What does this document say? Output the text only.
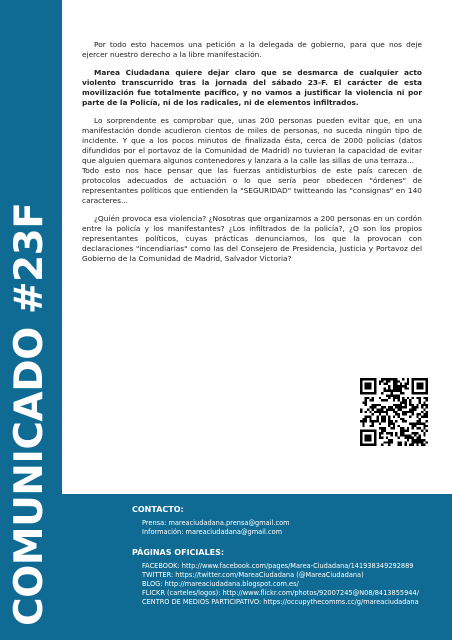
COMUNICADO #23F

Por todo esto hacemos una petición a la delegada de gobierno, para que nos deje ejercer nuestro derecho a la libre manifestación.

Marea Ciudadana quiere dejar claro que se desmarca de cualquier acto violento transcurrido tras la jornada del sábado 23-F. El carácter de esta movilización fue totalmente pacífico, y no vamos a justificar la violencia ni por parte de la Policía, ni de los radicales, ni de elementos infiltrados.

Lo sorprendente es comprobar que, unas 200 personas pueden evitar que, en una manifestación donde acudieron cientos de miles de personas, no suceda ningún tipo de incidente. Y que a los pocos minutos de finalizada ésta, cerca de 2000 policías (datos difundidos por el portavoz de la Comunidad de Madrid) no tuvieran la capacidad de evitar que alguien quemara algunos contenedores y lanzara a la calle las sillas de una terraza...

Todo esto nos hace pensar que las fuerzas antidisturbios de este país carecen de protocolos adecuados de actuación o lo que sería peor obedecen "órdenes" de representantes políticos que entienden la "SEGURIDAD" twitteando las "consignas" en 140 caracteres...

¿Quién provoca esa violencia? ¿Nosotras que organizamos a 200 personas en un cordón entre la policía y los manifestantes? ¿Los infiltrados de la policía?, ¿O son los propios representantes políticos, cuyas prácticas denunciamos, los que la provocan con declaraciones "incendiarias" como las del Consejero de Presidencia, Justicia y Portavoz del Gobierno de la Comunidad de Madrid, Salvador Victoria?

CONTACTO:
Prensa: mareaciudadana.prensa@gmail.com
Información: mareaciudadana@gmail.com
PÁGINAS OFICIALES:
FACEBOOK: http://www.facebook.com/pages/Marea-Ciudadana/141938349292889
TWITTER: https://twitter.com/MareaCiudadana (@MareaCiudadana)
BLOG: http://mareaciudadana.blogspot.com.es/
FLICKR (carteles/logos): http://www.flickr.com/photos/92007245@N08/8413855944/
CENTRO DE MEDIOS PARTICIPATIVO: https://occupythecomms.cc/g/mareaciudadana
